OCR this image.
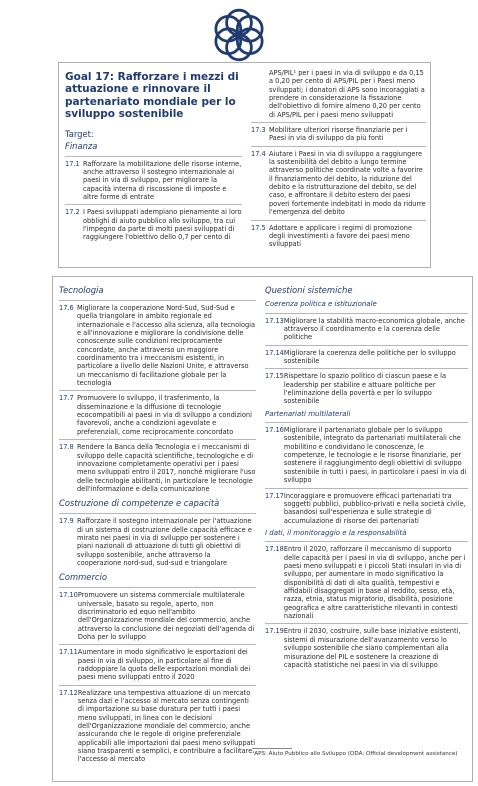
Goal 17: Rafforzare i mezzi di attuazione e rinnovare il partenariato mondiale per lo sviluppo sostenibile
Target:
Finanza
17.1 Rafforzare la mobilitazione delle risorse interne, anche attraverso il sostegno internazionale ai paesi in via di sviluppo, per migliorare la capacità interna di riscossione di imposte e altre forme di entrate
17.2 I Paesi sviluppati adempiano pienamente ai loro obblighi di aiuto pubblico allo sviluppo, tra cui l'impegno da parte di molti paesi sviluppati di raggiungere l'obiettivo dello 0,7 per cento di
APS/PIL¹ per i paesi in via di sviluppo e da 0,15 a 0,20 per cento di APS/PIL per i Paesi meno sviluppati; i donatori di APS sono incoraggiati a prendere in considerazione la fissazione dell'obiettivo di fornire almeno 0,20 per cento di APS/PIL per i paesi meno sviluppati
17.3 Mobilitare ulteriori risorse finanziarie per i Paesi in via di sviluppo da più fonti
17.4 Aiutare i Paesi in via di sviluppo a raggiungere la sostenibilità del debito a lungo termine attraverso politiche coordinate volte a favorire il finanziamento del debito, la riduzione del debito e la ristrutturazione del debito, se del caso, e affrontare il debito estero dei paesi poveri fortemente indebitati in modo da ridurre l'emergenza del debito
17.5 Adottare e applicare i regimi di promozione degli investimenti a favore dei paesi meno sviluppati
Tecnologia
17.6 Migliorare la cooperazione Nord-Sud, Sud-Sud e quella triangolare in ambito regionale ed internazionale e l'accesso alla scienza, alla tecnologia e all'innovazione e migliorare la condivisione delle conoscenze sulle condizioni reciprocamente concordate, anche attraverso un maggiore coordinamento tra i meccanismi esistenti, in particolare a livello delle Nazioni Unite, e attraverso un meccanismo di facilitazione globale per la tecnologia
17.7 Promuovere lo sviluppo, il trasferimento, la disseminazione e la diffusione di tecnologie ecocompatibili ai paesi in via di sviluppo a condizioni favorevoli, anche a condizioni agevolate e preferenziali, come reciprocamente concordato
17.8 Rendere la Banca della Tecnologia e i meccanismi di sviluppo delle capacità scientifiche, tecnologiche e di innovazione completamente operativi per i paesi meno sviluppati entro il 2017, nonché migliorare l'uso delle tecnologie abilitanti, in particolare le tecnologie dell'informazione e della comunicazione
Costruzione di competenze e capacità
17.9 Rafforzare il sostegno internazionale per l'attuazione di un sistema di costruzione delle capacità efficace e mirato nei paesi in via di sviluppo per sostenere i piani nazionali di attuazione di tutti gli obiettivi di sviluppo sostenibile, anche attraverso la cooperazione nord-sud, sud-sud e triangolare
Commercio
17.10 Promuovere un sistema commerciale multilaterale universale, basato su regole, aperto, non discriminatorio ed equo nell'ambito dell'Organizzazione mondiale del commercio, anche attraverso la conclusione dei negoziati dell'agenda di Doha per lo sviluppo
17.11 Aumentare in modo significativo le esportazioni dei paesi in via di sviluppo, in particolare al fine di raddoppiare la quota delle esportazioni mondiali dei paesi meno sviluppati entro il 2020
17.12 Realizzare una tempestiva attuazione di un mercato senza dazi e l'accesso al mercato senza contingenti di importazione su base duratura per tutti i paesi meno sviluppati, in linea con le decisioni dell'Organizzazione mondiale del commercio, anche assicurando che le regole di origine preferenziale applicabili alle importazioni dai paesi meno sviluppati siano trasparenti e semplici, e contribuire a facilitare l'accesso al mercato
Questioni sistemiche
Coerenza politica e istituzionale
17.13 Migliorare la stabilità macro-economica globale, anche attraverso il coordinamento e la coerenza delle politiche
17.14 Migliorare la coerenza delle politiche per lo sviluppo sostenibile
17.15 Rispettare lo spazio politico di ciascun paese e la leadership per stabilire e attuare politiche per l'eliminazione della povertà e per lo sviluppo sostenibile
Partenariati multilaterali
17.16 Migliorare il partenariato globale per lo sviluppo sostenibile, integrato da partenariati multilaterali che mobilitino e condividano le conoscenze, le competenze, le tecnologie e le risorse finanziarie, per sostenere il raggiungimento degli obiettivi di sviluppo sostenibile in tutti i paesi, in particolare i paesi in via di sviluppo
17.17 Incoraggiare e promuovere efficaci partenariati tra soggetti pubblici, pubblico-privati e nella società civile, basandosi sull'esperienza e sulle strategie di accumulazione di risorse dei partenariati
I dati, il monitoraggio e la responsabilità
17.18 Entro il 2020, rafforzare il meccanismo di supporto delle capacità per i paesi in via di sviluppo, anche per i paesi meno sviluppati e i piccoli Stati insulari in via di sviluppo, per aumentare in modo significativo la disponibilità di dati di alta qualità, tempestivi e affidabili disaggregati in base al reddito, sesso, età, razza, etnia, status migratorio, disabilità, posizione geografica e altre caratteristiche rilevanti in contesti nazionali
17.19 Entro il 2030, costruire, sulle base iniziative esistenti, sistemi di misurazione dell'avanzamento verso lo sviluppo sostenibile che siano complementari alla misurazione del PIL e sostenere la creazione di capacità statistiche nei paesi in via di sviluppo
¹APS: Aiuto Pubblico allo Sviluppo (ODA: Official development assistance)
